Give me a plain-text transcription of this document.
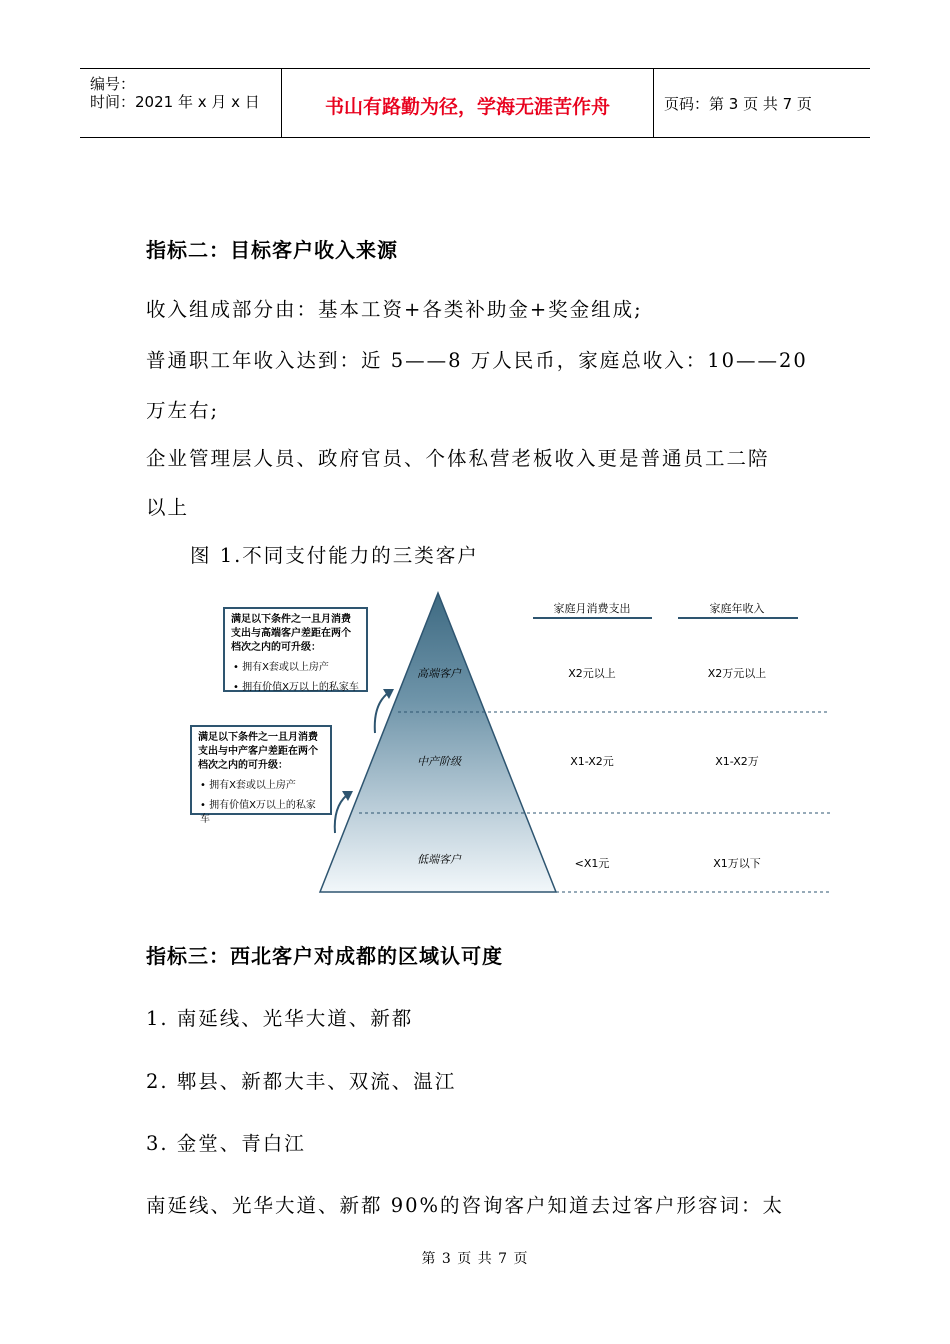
编号：
时间：2021 年 x 月 x 日	书山有路勤为径，学海无涯苦作舟	页码：第 3 页 共 7 页
指标二：目标客户收入来源
收入组成部分由：基本工资+各类补助金+奖金组成;
普通职工年收入达到：近 5——8 万人民币，家庭总收入：10——20
万左右;
企业管理层人员、政府官员、个体私营老板收入更是普通员工二陪
以上
图 1.不同支付能力的三类客户
满足以下条件之一且月消费支出与高端客户差距在两个档次之内的可升级：
• 拥有X套或以上房产
• 拥有价值X万以上的私家车
满足以下条件之一且月消费支出与中产客户差距在两个档次之内的可升级：
• 拥有X套或以上房产
• 拥有价值X万以上的私家车
高端客户
中产阶级
低端客户
家庭月消费支出	家庭年收入
X2元以上	X2万元以上
X1-X2元	X1-X2万
<X1元	X1万以下
指标三：西北客户对成都的区域认可度
1. 南延线、光华大道、新都
2. 郫县、新都大丰、双流、温江
3. 金堂、青白江
南延线、光华大道、新都 90%的咨询客户知道去过客户形容词：太
第 3 页 共 7 页
